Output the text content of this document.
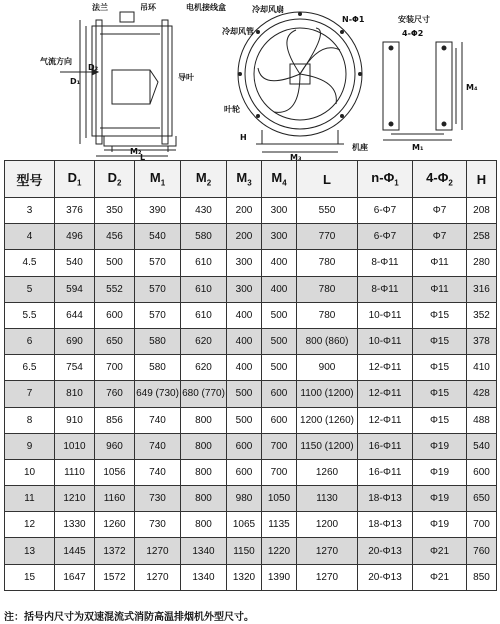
法兰	吊环	电机接线盒
气流方向
导叶
冷却风扇
冷却风管
叶轮
机座
安装尺寸
N-Φ1
4-Φ2
D₁
D₂
M₂
L
H
M₃
M₁
M₄
型号	$D_1$	$D_2$	$M_1$	$M_2$	$M_3$	$M_4$	L	$n-\Phi_1$	$4-\Phi_2$	H
3	376	350	390	430	200	300	550	6-Φ7	Φ7	208
4	496	456	540	580	200	300	770	6-Φ7	Φ7	258
4.5	540	500	570	610	300	400	780	8-Φ11	Φ11	280
5	594	552	570	610	300	400	780	8-Φ11	Φ11	316
5.5	644	600	570	610	400	500	780	10-Φ11	Φ15	352
6	690	650	580	620	400	500	800 (860)	10-Φ11	Φ15	378
6.5	754	700	580	620	400	500	900	12-Φ11	Φ15	410
7	810	760	649 (730)	680 (770)	500	600	1100 (1200)	12-Φ11	Φ15	428
8	910	856	740	800	500	600	1200 (1260)	12-Φ11	Φ15	488
9	1010	960	740	800	600	700	1150 (1200)	16-Φ11	Φ19	540
10	1110	1056	740	800	600	700	1260	16-Φ11	Φ19	600
11	1210	1160	730	800	980	1050	1130	18-Φ13	Φ19	650
12	1330	1260	730	800	1065	1135	1200	18-Φ13	Φ19	700
13	1445	1372	1270	1340	1150	1220	1270	20-Φ13	Φ21	760
15	1647	1572	1270	1340	1320	1390	1270	20-Φ13	Φ21	850
注：括号内尺寸为双速混流式消防高温排烟机外型尺寸。
